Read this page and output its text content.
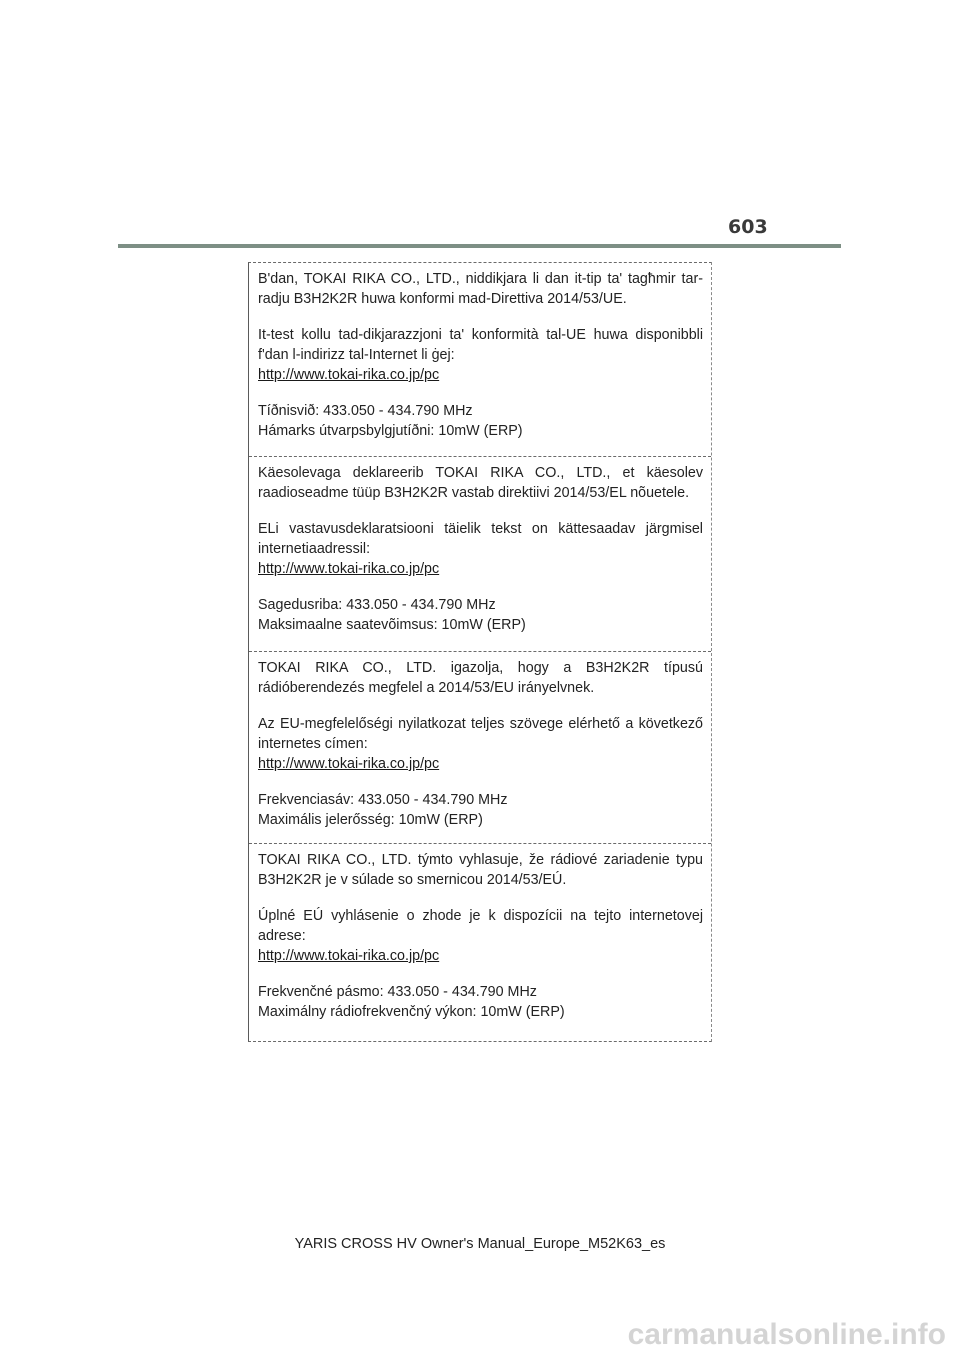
603

B'dan, TOKAI RIKA CO., LTD., niddikjara li dan it-tip ta' tagħmir tar-radju B3H2K2R huwa konformi mad-Direttiva 2014/53/UE.

It-test kollu tad-dikjarazzjoni ta' konformità tal-UE huwa disponibbli f'dan l-indirizz tal-Internet li ġej:
http://www.tokai-rika.co.jp/pc

Tíðnisvið: 433.050 - 434.790 MHz
Hámarks útvarpsbylgjutíðni: 10mW (ERP)

Käesolevaga deklareerib TOKAI RIKA CO., LTD., et käesolev raadioseadme tüüp B3H2K2R vastab direktiivi 2014/53/EL nõuetele.

ELi vastavusdeklaratsiooni täielik tekst on kättesaadav järgmisel internetiaadressil:
http://www.tokai-rika.co.jp/pc

Sagedusriba: 433.050 - 434.790 MHz
Maksimaalne saatevõimsus: 10mW (ERP)

TOKAI RIKA CO., LTD. igazolja, hogy a B3H2K2R típusú rádióberendezés megfelel a 2014/53/EU irányelvnek.

Az EU-megfelelőségi nyilatkozat teljes szövege elérhető a következő internetes címen:
http://www.tokai-rika.co.jp/pc

Frekvenciasáv: 433.050 - 434.790 MHz
Maximális jelerősség: 10mW (ERP)

TOKAI RIKA CO., LTD. týmto vyhlasuje, že rádiové zariadenie typu B3H2K2R je v súlade so smernicou 2014/53/EÚ.

Úplné EÚ vyhlásenie o zhode je k dispozícii na tejto internetovej adrese:
http://www.tokai-rika.co.jp/pc

Frekvenčné pásmo: 433.050 - 434.790 MHz
Maximálny rádiofrekvenčný výkon: 10mW (ERP)

YARIS CROSS HV Owner's Manual_Europe_M52K63_es
carmanualsonline.info
